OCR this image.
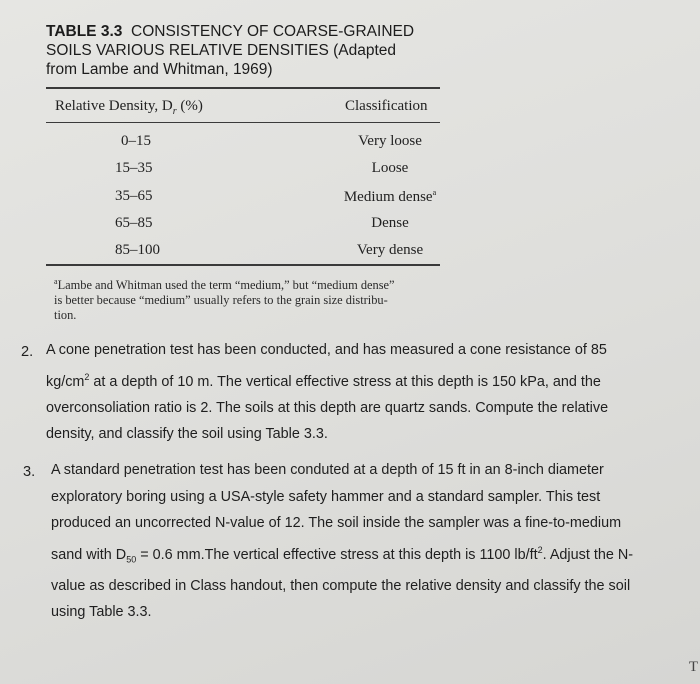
TABLE 3.3 CONSISTENCY OF COARSE-GRAINED
SOILS VARIOUS RELATIVE DENSITIES (Adapted
from Lambe and Whitman, 1969)
Relative Density, $D_r$ (%)	Classification
0–15	Very loose
15–35	Loose
35–65	Medium dense$^a$
65–85	Dense
85–100	Very dense
$^a$Lambe and Whitman used the term “medium,” but “medium dense”
is better because “medium” usually refers to the grain size distribu-
tion.
2. A cone penetration test has been conducted, and has measured a cone resistance of 85
$kg/cm^2$ at a depth of 10 m. The vertical effective stress at this depth is 150 kPa, and the
overconsoliation ratio is 2. The soils at this depth are quartz sands. Compute the relative
density, and classify the soil using Table 3.3.
3. A standard penetration test has been conduted at a depth of 15 ft in an 8-inch diameter
exploratory boring using a USA-style safety hammer and a standard sampler. This test
produced an uncorrected N-value of 12. The soil inside the sampler was a fine-to-medium
sand with $D_{50} = 0.6$ mm.The vertical effective stress at this depth is 1100 $lb/ft^2$. Adjust the N-
value as described in Class handout, then compute the relative density and classify the soil
using Table 3.3.
T
